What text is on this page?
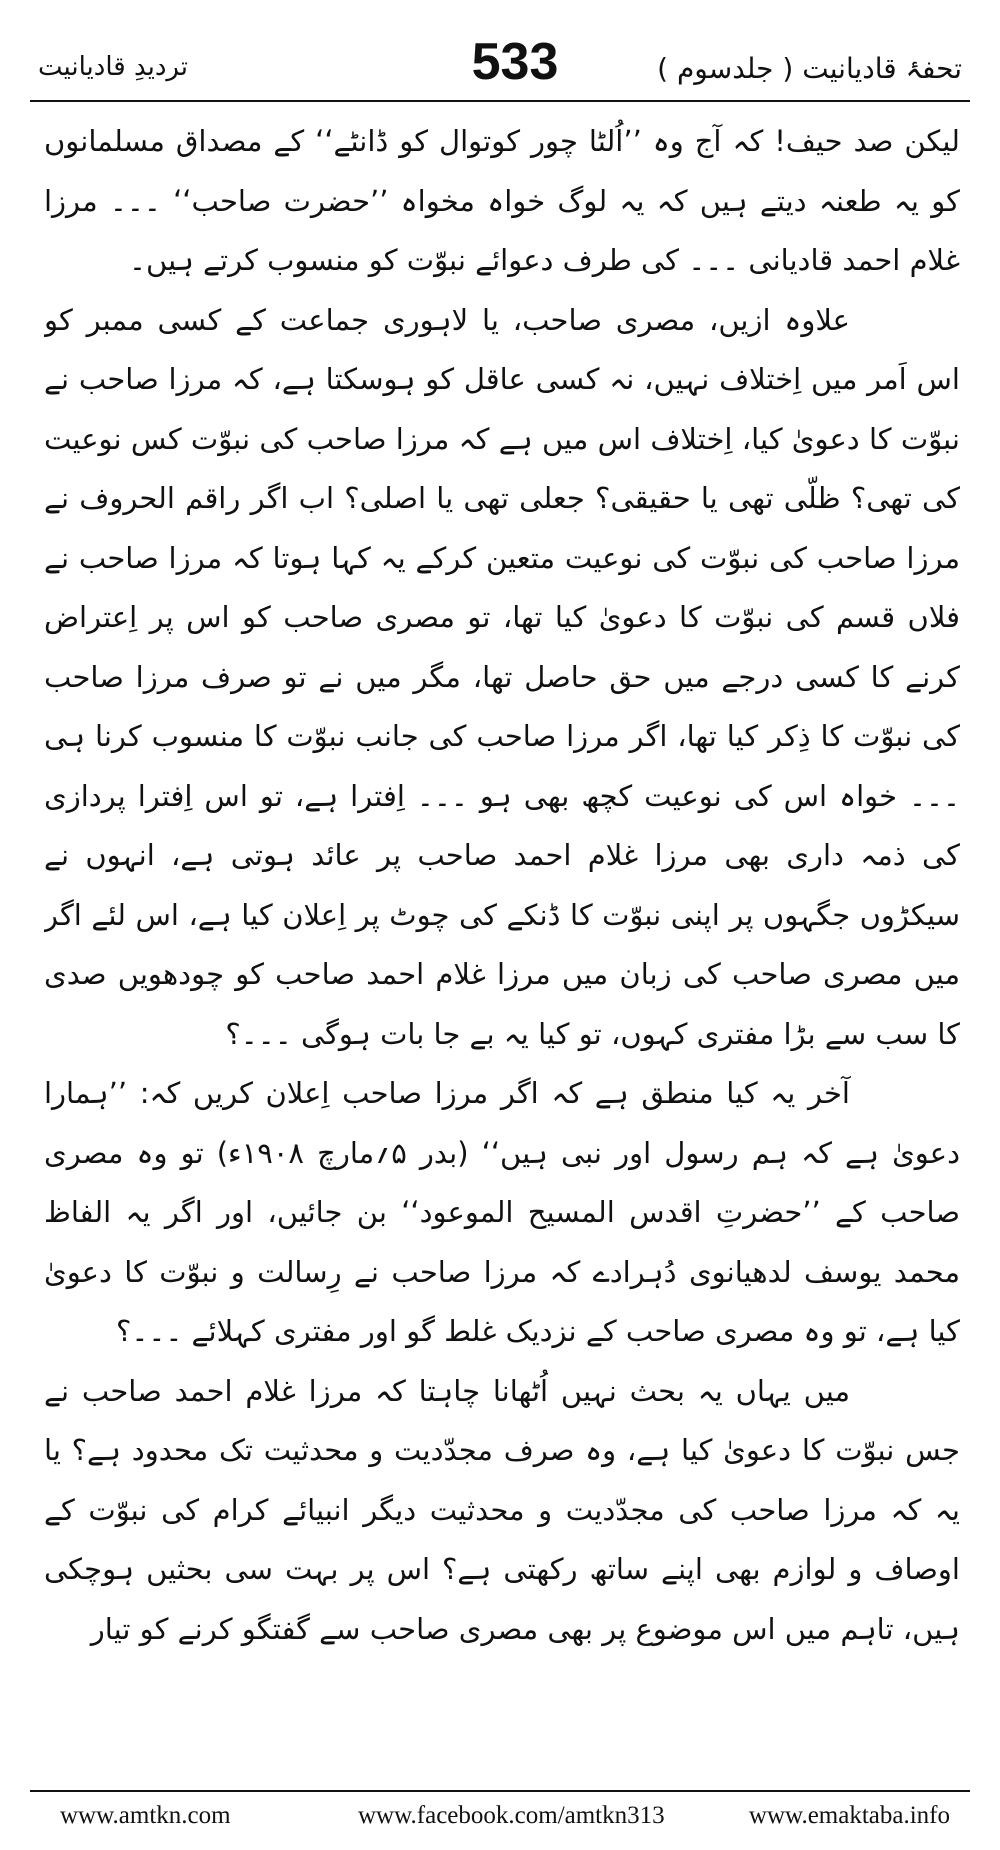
تحفۂ قادیانیت ( جلدسوم )
533
تردیدِ قادیانیت

لیکن صد حیف! کہ آج وہ ’’اُلٹا چور کوتوال کو ڈانٹے‘‘ کے مصداق مسلمانوں کو یہ طعنہ دیتے ہیں کہ یہ لوگ خواہ مخواہ ’’حضرت صاحب‘‘ ۔۔۔ مرزا غلام احمد قادیانی ۔۔۔ کی طرف دعوائے نبوّت کو منسوب کرتے ہیں۔

علاوہ ازیں، مصری صاحب، یا لاہوری جماعت کے کسی ممبر کو اس اَمر میں اِختلاف نہیں، نہ کسی عاقل کو ہوسکتا ہے، کہ مرزا صاحب نے نبوّت کا دعویٰ کیا، اِختلاف اس میں ہے کہ مرزا صاحب کی نبوّت کس نوعیت کی تھی؟ ظلّی تھی یا حقیقی؟ جعلی تھی یا اصلی؟ اب اگر راقم الحروف نے مرزا صاحب کی نبوّت کی نوعیت متعین کرکے یہ کہا ہوتا کہ مرزا صاحب نے فلاں قسم کی نبوّت کا دعویٰ کیا تھا، تو مصری صاحب کو اس پر اِعتراض کرنے کا کسی درجے میں حق حاصل تھا، مگر میں نے تو صرف مرزا صاحب کی نبوّت کا ذِکر کیا تھا، اگر مرزا صاحب کی جانب نبوّت کا منسوب کرنا ہی ۔۔۔ خواہ اس کی نوعیت کچھ بھی ہو ۔۔۔ اِفترا ہے، تو اس اِفترا پردازی کی ذمہ داری بھی مرزا غلام احمد صاحب پر عائد ہوتی ہے، انہوں نے سیکڑوں جگہوں پر اپنی نبوّت کا ڈنکے کی چوٹ پر اِعلان کیا ہے، اس لئے اگر میں مصری صاحب کی زبان میں مرزا غلام احمد صاحب کو چودھویں صدی کا سب سے بڑا مفتری کہوں، تو کیا یہ بے جا بات ہوگی ۔۔۔؟

آخر یہ کیا منطق ہے کہ اگر مرزا صاحب اِعلان کریں کہ: ’’ہمارا دعویٰ ہے کہ ہم رسول اور نبی ہیں‘‘ (بدر ۵؍مارچ ۱۹۰۸ء) تو وہ مصری صاحب کے ’’حضرتِ اقدس المسیح الموعود‘‘ بن جائیں، اور اگر یہ الفاظ محمد یوسف لدھیانوی دُہرادے کہ مرزا صاحب نے رِسالت و نبوّت کا دعویٰ کیا ہے، تو وہ مصری صاحب کے نزدیک غلط گو اور مفتری کہلائے ۔۔۔؟

میں یہاں یہ بحث نہیں اُٹھانا چاہتا کہ مرزا غلام احمد صاحب نے جس نبوّت کا دعویٰ کیا ہے، وہ صرف مجدّدیت و محدثیت تک محدود ہے؟ یا یہ کہ مرزا صاحب کی مجدّدیت و محدثیت دیگر انبیائے کرام کی نبوّت کے اوصاف و لوازم بھی اپنے ساتھ رکھتی ہے؟ اس پر بہت سی بحثیں ہوچکی ہیں، تاہم میں اس موضوع پر بھی مصری صاحب سے گفتگو کرنے کو تیار

www.amtkn.com	www.facebook.com/amtkn313	www.emaktaba.info
